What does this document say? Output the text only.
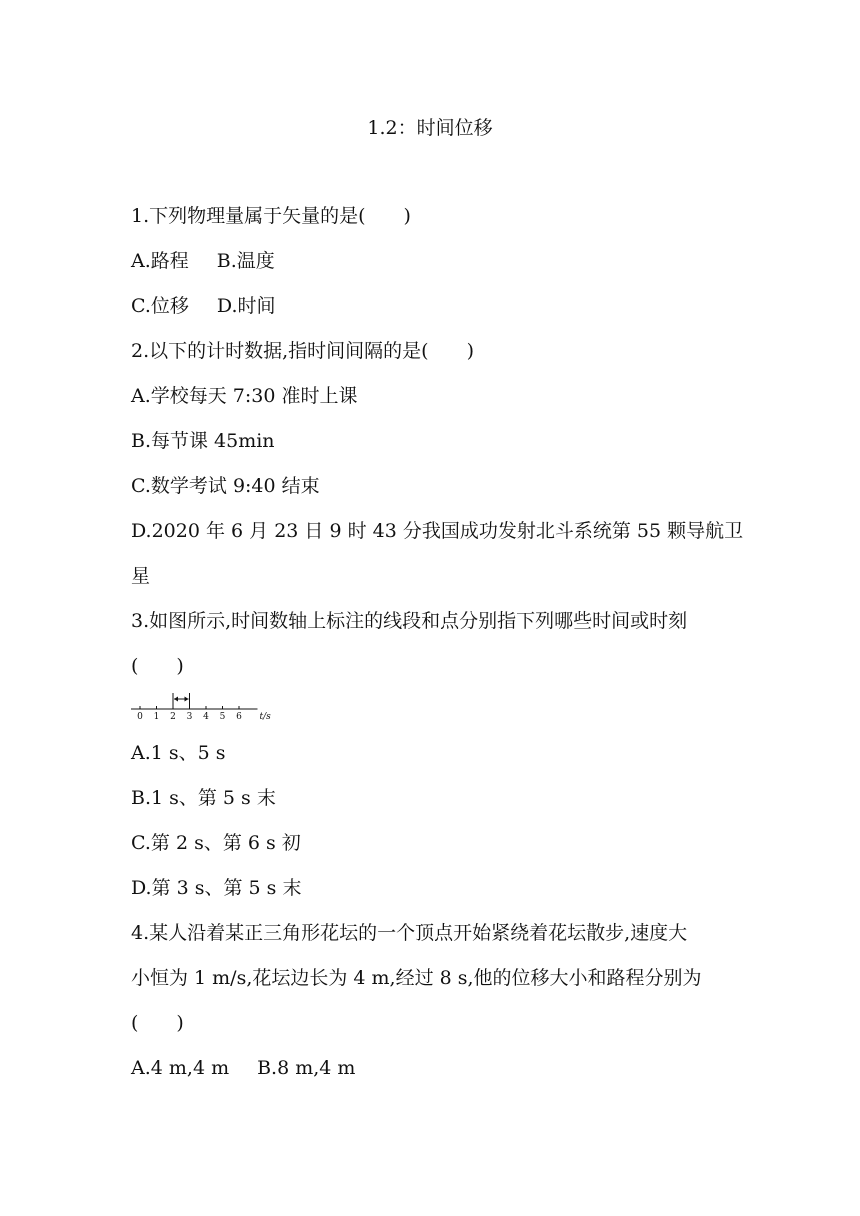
1.2：时间位移
1.下列物理量属于矢量的是(　　)
A.路程 B.温度
C.位移 D.时间
2.以下的计时数据,指时间间隔的是(　　)
A.学校每天 7:30 准时上课
B.每节课 45min
C.数学考试 9:40 结束
D.2020 年 6 月 23 日 9 时 43 分我国成功发射北斗系统第 55 颗导航卫
星
3.如图所示,时间数轴上标注的线段和点分别指下列哪些时间或时刻
(　　)
0 1 2 3 4 5 6 t/s
A.1 s、5 s
B.1 s、第 5 s 末
C.第 2 s、第 6 s 初
D.第 3 s、第 5 s 末
4.某人沿着某正三角形花坛的一个顶点开始紧绕着花坛散步,速度大
小恒为 1 m/s,花坛边长为 4 m,经过 8 s,他的位移大小和路程分别为
(　　)
A.4 m,4 m B.8 m,4 m
